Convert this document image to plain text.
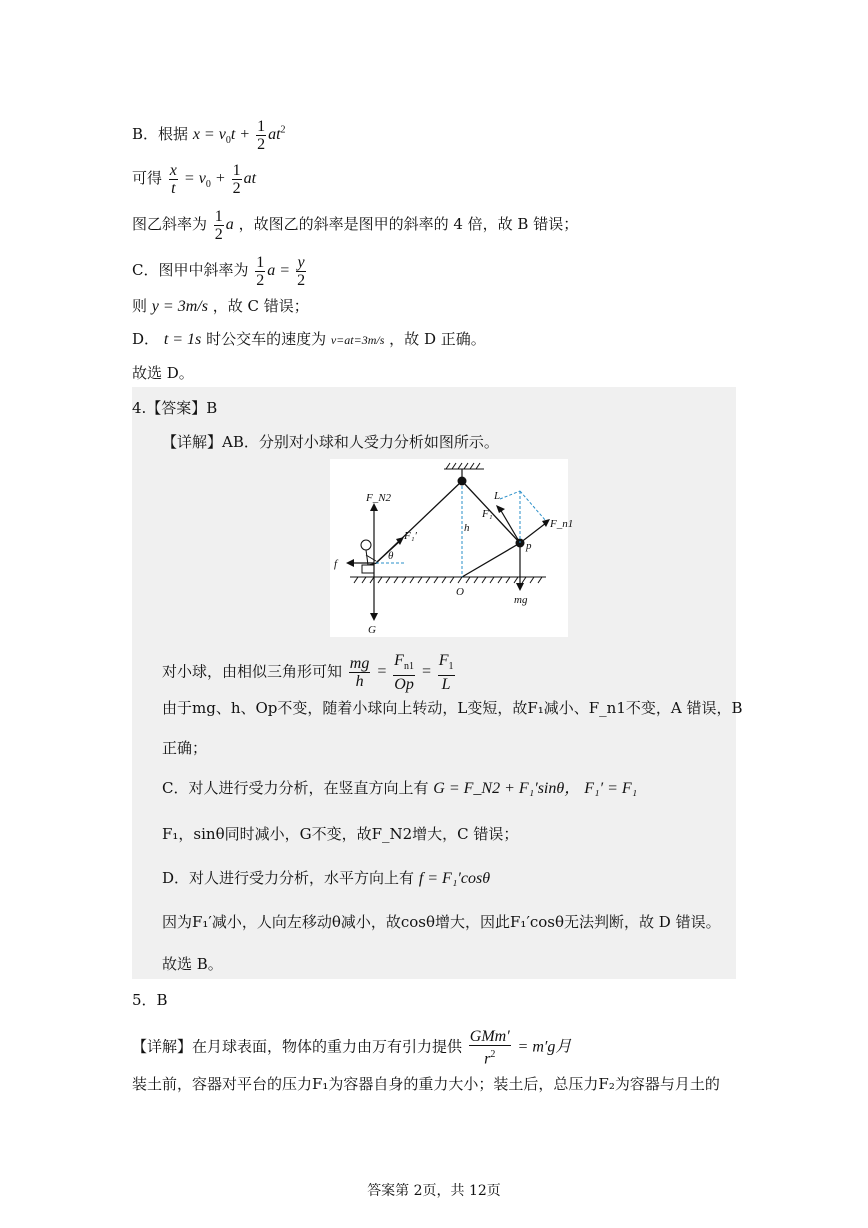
B．根据 $x = v_0t + \frac{1}{2} at^2$
可得 $\frac{x}{t} = v_0 + \frac{1}{2}$ at
图乙斜率为 $\frac{1}{2}$ a ，故图乙的斜率是图甲的斜率的 4 倍，故 B 错误；
C．图甲中斜率为 $\frac{1}{2}$ $a = \frac{y}{2}$
则 y = 3m/s ，故 C 错误；
D． t = 1s 时公交车的速度为 v=at=3m/s ，故 D 正确。
故选 D。
4.【答案】B
【详解】AB．分别对小球和人受力分析如图所示。
F_N2
F₁′
θ
f
G
h
O
L
F₁
F_n1
p
mg
对小球，由相似三角形可知 $\frac{mg}{h} = \frac{F_{n1}}{Op} = \frac{F_1}{L}$
由于mg、h、Op不变，随着小球向上转动，L变短，故F₁减小、F_n1不变，A 错误，B
正确；
C．对人进行受力分析，在竖直方向上有 G = F_N2 + F₁′sinθ， F₁′ = F₁
F₁，sinθ同时减小，G不变，故F_N2增大，C 错误；
D．对人进行受力分析，水平方向上有 f = F₁′cosθ
因为F₁′减小，人向左移动θ减小，故cosθ增大，因此F₁′cosθ无法判断，故 D 错误。
故选 B。
5．B
【详解】在月球表面，物体的重力由万有引力提供 $\frac{\text{GMm′}}{r^2} = m'g$月
装土前，容器对平台的压力F₁为容器自身的重力大小；装土后，总压力F₂为容器与月土的
答案第 2页，共 12页
